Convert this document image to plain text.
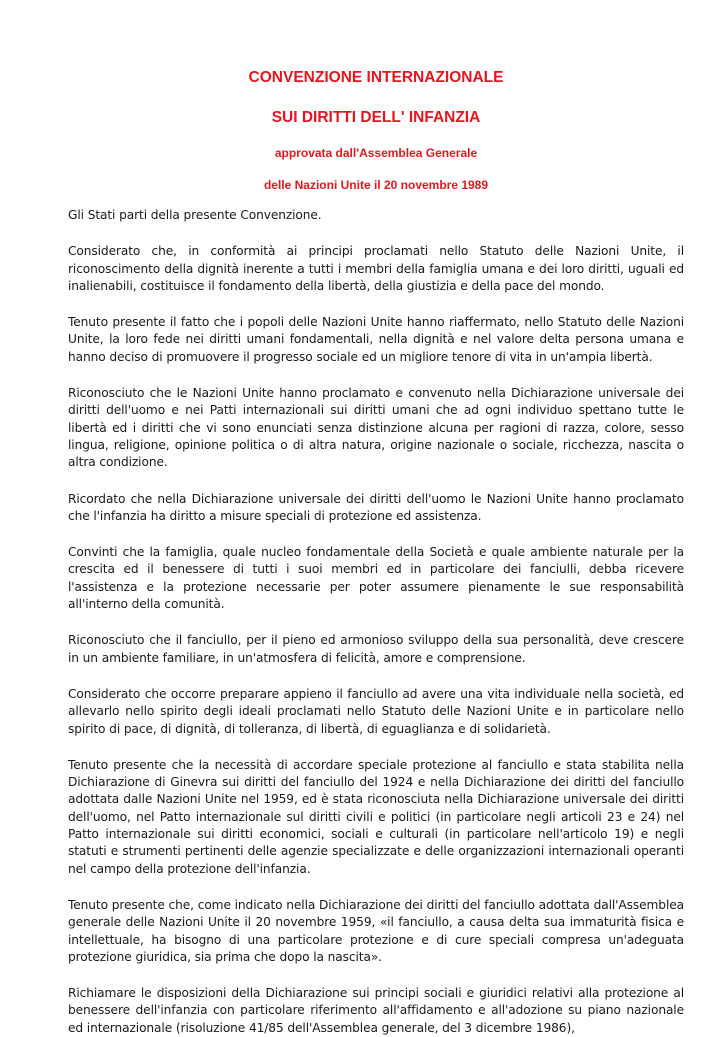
CONVENZIONE INTERNAZIONALE
SUI DIRITTI DELL' INFANZIA
approvata dall'Assemblea Generale
delle Nazioni Unite il 20 novembre 1989

Gli Stati parti della presente Convenzione.

Considerato che, in conformità ai principi proclamati nello Statuto delle Nazioni Unite, il riconoscimento della dignità inerente a tutti i membri della famiglia umana e dei loro diritti, uguali ed inalienabili, costituisce il fondamento della libertà, della giustizia e della pace del mondo.

Tenuto presente il fatto che i popoli delle Nazioni Unite hanno riaffermato, nello Statuto delle Nazioni Unite, la loro fede nei diritti umani fondamentali, nella dignità e nel valore delta persona umana e hanno deciso di promuovere il progresso sociale ed un migliore tenore di vita in un'ampia libertà.

Riconosciuto che le Nazioni Unite hanno proclamato e convenuto nella Dichiarazione universale dei diritti dell'uomo e nei Patti internazionali sui diritti umani che ad ogni individuo spettano tutte le libertà ed i diritti che vi sono enunciati senza distinzione alcuna per ragioni di razza, colore, sesso lingua, religione, opinione politica o di altra natura, origine nazionale o sociale, ricchezza, nascita o altra condizione.

Ricordato che nella Dichiarazione universale dei diritti dell'uomo le Nazioni Unite hanno proclamato che l'infanzia ha diritto a misure speciali di protezione ed assistenza.

Convinti che la famiglia, quale nucleo fondamentale della Società e quale ambiente naturale per la crescita ed il benessere di tutti i suoi membri ed in particolare dei fanciulli, debba ricevere l'assistenza e la protezione necessarie per poter assumere pienamente le sue responsabilità all'interno della comunità.

Riconosciuto che il fanciullo, per il pieno ed armonioso sviluppo della sua personalità, deve crescere in un ambiente familiare, in un'atmosfera di felicità, amore e comprensione.

Considerato che occorre preparare appieno il fanciullo ad avere una vita individuale nella società, ed allevarlo nello spirito degli ideali proclamati nello Statuto delle Nazioni Unite e in particolare nello spirito di pace, di dignità, di tolleranza, di libertà, di eguaglianza e di solidarietà.

Tenuto presente che la necessità di accordare speciale protezione al fanciullo e stata stabilita nella Dichiarazione di Ginevra sui diritti del fanciullo del 1924 e nella Dichiarazione dei diritti del fanciullo adottata dalle Nazioni Unite nel 1959, ed è stata riconosciuta nella Dichiarazione universale dei diritti dell'uomo, nel Patto internazionale sul diritti civili e politici (in particolare negli articoli 23 e 24) nel Patto internazionale sui diritti economici, sociali e culturali (in particolare nell'articolo 19) e negli statuti e strumenti pertinenti delle agenzie specializzate e delle organizzazioni internazionali operanti nel campo della protezione dell'infanzia.

Tenuto presente che, come indicato nella Dichiarazione dei diritti del fanciullo adottata dall'Assemblea generale delle Nazioni Unite il 20 novembre 1959, «il fanciullo, a causa delta sua immaturità fisica e intellettuale, ha bisogno di una particolare protezione e di cure speciali compresa un'adeguata protezione giuridica, sia prima che dopo la nascita».

Richiamare le disposizioni della Dichiarazione sui principi sociali e giuridici relativi alla protezione al benessere dell'infanzia con particolare riferimento all'affidamento e all'adozione su piano nazionale ed internazionale (risoluzione 41/85 dell'Assemblea generale, del 3 dicembre 1986),
